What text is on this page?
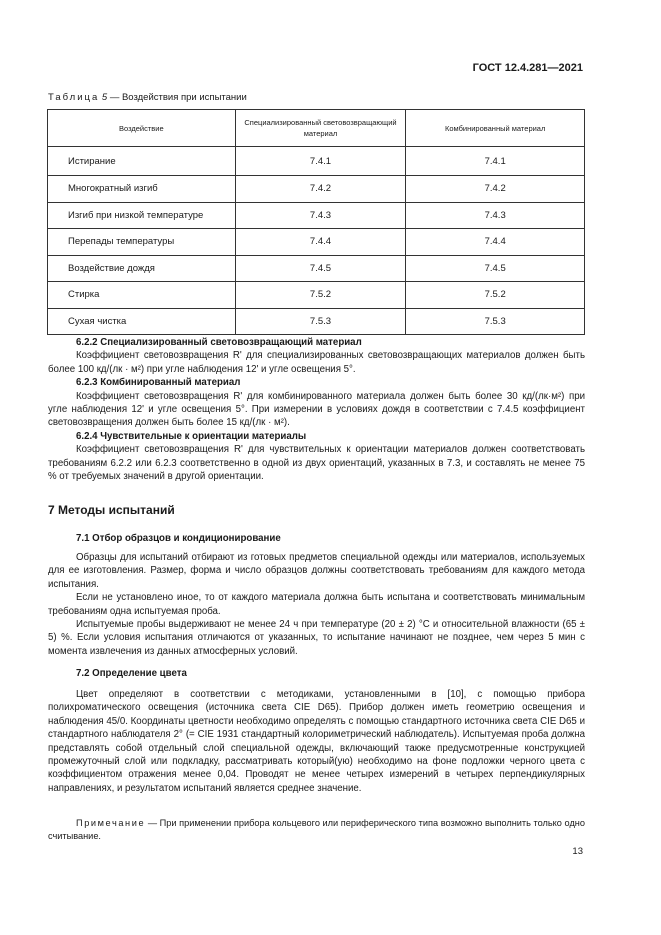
ГОСТ 12.4.281—2021
Таблица 5 — Воздействия при испытании
Воздействие	Специализированный световозвращающий материал	Комбинированный материал
Истирание	7.4.1	7.4.1
Многократный изгиб	7.4.2	7.4.2
Изгиб при низкой температуре	7.4.3	7.4.3
Перепады температуры	7.4.4	7.4.4
Воздействие дождя	7.4.5	7.4.5
Стирка	7.5.2	7.5.2
Сухая чистка	7.5.3	7.5.3

6.2.2 Специализированный световозвращающий материал

Коэффициент световозвращения R' для специализированных световозвращающих материалов должен быть более 100 кд/(лк · м²) при угле наблюдения 12' и угле освещения 5°.

6.2.3 Комбинированный материал

Коэффициент световозвращения R' для комбинированного материала должен быть более 30 кд/(лк·м²) при угле наблюдения 12' и угле освещения 5°. При измерении в условиях дождя в соответствии с 7.4.5 коэффициент световозвращения должен быть более 15 кд/(лк · м²).

6.2.4 Чувствительные к ориентации материалы

Коэффициент световозвращения R' для чувствительных к ориентации материалов должен соответствовать требованиям 6.2.2 или 6.2.3 соответственно в одной из двух ориентаций, указанных в 7.3, и составлять не менее 75 % от требуемых значений в другой ориентации.

7 Методы испытаний
7.1 Отбор образцов и кондиционирование

Образцы для испытаний отбирают из готовых предметов специальной одежды или материалов, используемых для ее изготовления. Размер, форма и число образцов должны соответствовать требованиям для каждого метода испытания.

Если не установлено иное, то от каждого материала должна быть испытана и соответствовать минимальным требованиям одна испытуемая проба.

Испытуемые пробы выдерживают не менее 24 ч при температуре (20 ± 2) °С и относительной влажности (65 ± 5) %. Если условия испытания отличаются от указанных, то испытание начинают не позднее, чем через 5 мин с момента извлечения из данных атмосферных условий.

7.2 Определение цвета

Цвет определяют в соответствии с методиками, установленными в [10], с помощью прибора полихроматического освещения (источника света CIE D65). Прибор должен иметь геометрию освещения и наблюдения 45/0. Координаты цветности необходимо определять с помощью стандартного источника света CIE D65 и стандартного наблюдателя 2° (= CIE 1931 стандартный колориметрический наблюдатель). Испытуемая проба должна представлять собой отдельный слой специальной одежды, включающий также предусмотренные конструкцией промежуточный слой или подкладку, рассматривать который(ую) необходимо на фоне подложки черного цвета с коэффициентом отражения менее 0,04. Проводят не менее четырех измерений в четырех перпендикулярных направлениях, и результатом испытаний является среднее значение.

Примечание — При применении прибора кольцевого или периферического типа возможно выполнить только одно считывание.
13
